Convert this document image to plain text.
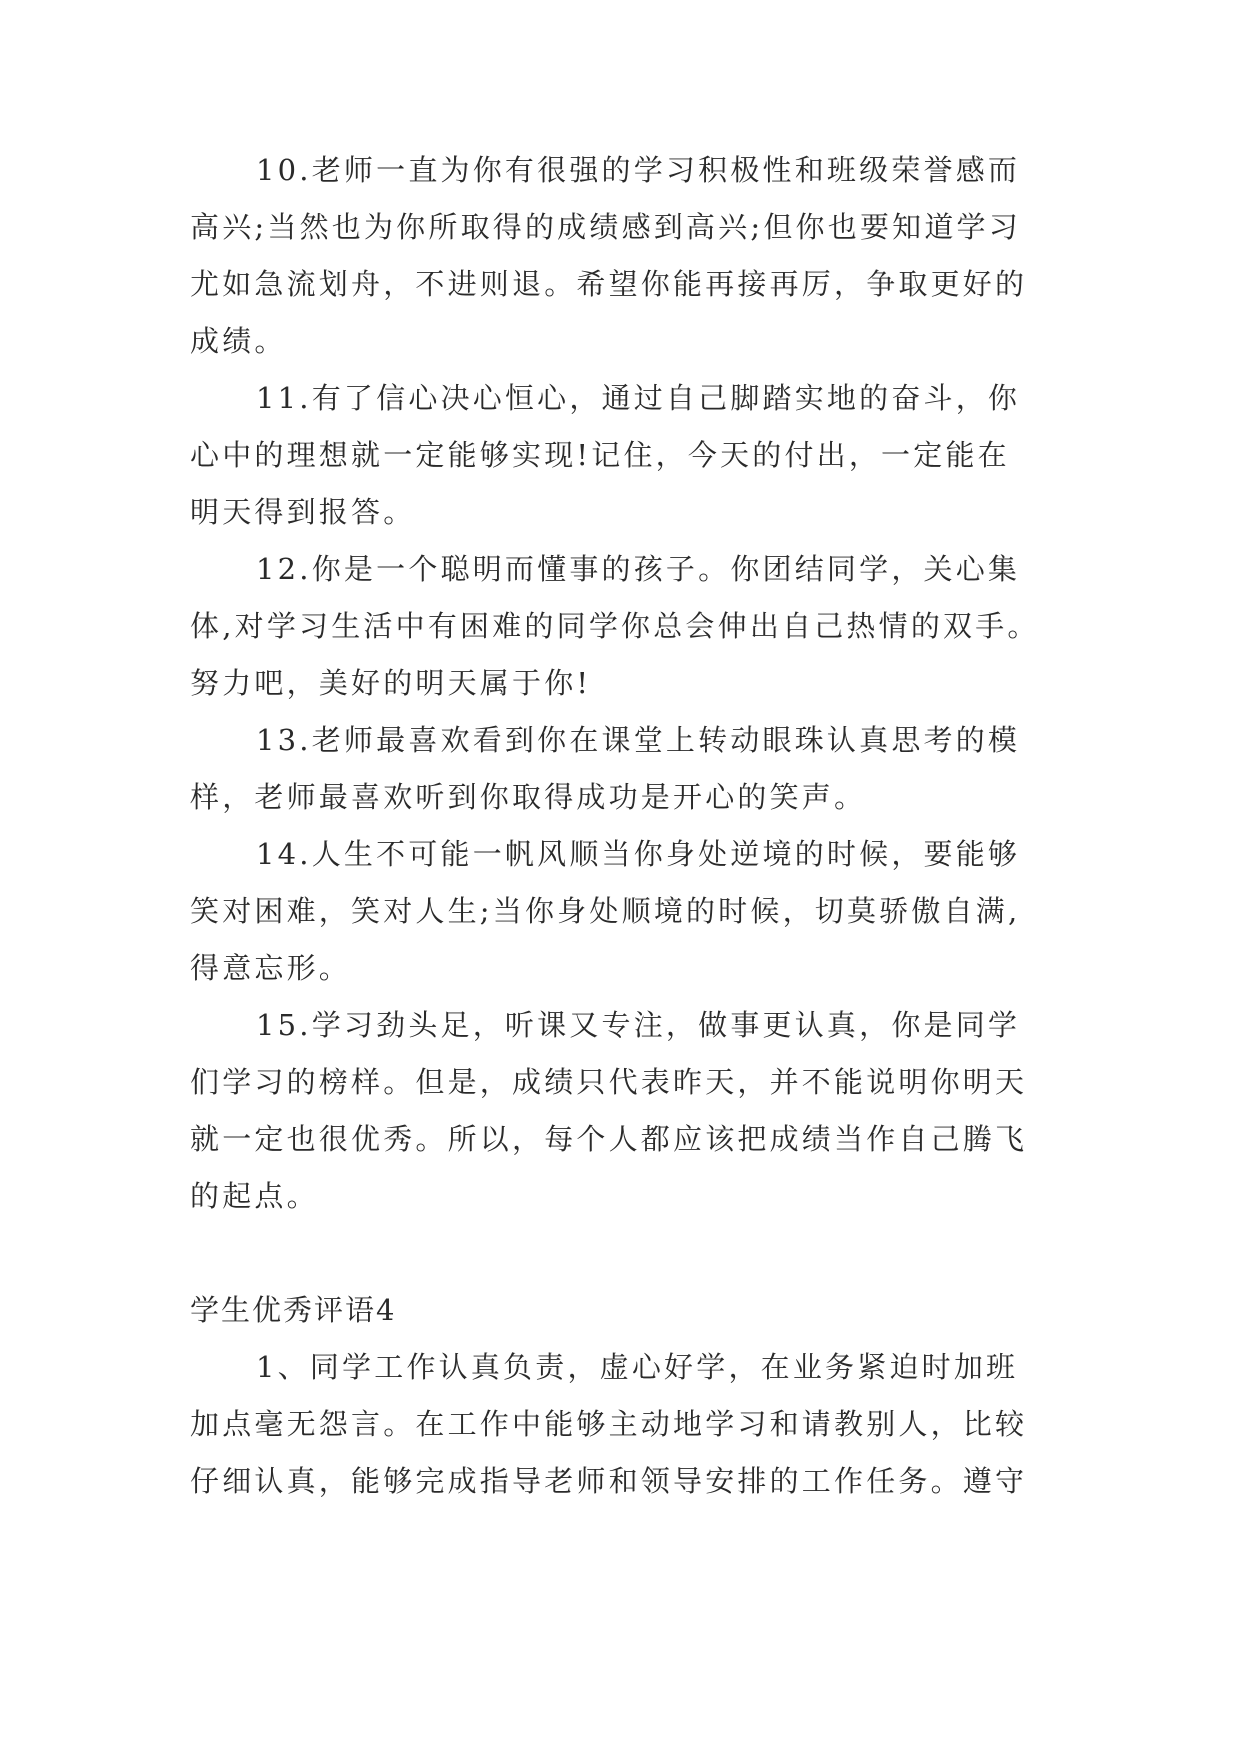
10.老师一直为你有很强的学习积极性和班级荣誉感而
高兴;当然也为你所取得的成绩感到高兴;但你也要知道学习
尤如急流划舟，不进则退。希望你能再接再厉，争取更好的
成绩。
11.有了信心决心恒心，通过自己脚踏实地的奋斗，你
心中的理想就一定能够实现!记住，今天的付出，一定能在
明天得到报答。
12.你是一个聪明而懂事的孩子。你团结同学，关心集
体,对学习生活中有困难的同学你总会伸出自己热情的双手。
努力吧，美好的明天属于你!
13.老师最喜欢看到你在课堂上转动眼珠认真思考的模
样，老师最喜欢听到你取得成功是开心的笑声。
14.人生不可能一帆风顺当你身处逆境的时候，要能够
笑对困难，笑对人生;当你身处顺境的时候，切莫骄傲自满,
得意忘形。
15.学习劲头足，听课又专注，做事更认真，你是同学
们学习的榜样。但是，成绩只代表昨天，并不能说明你明天
就一定也很优秀。所以，每个人都应该把成绩当作自己腾飞
的起点。
学生优秀评语4
1、同学工作认真负责，虚心好学，在业务紧迫时加班
加点毫无怨言。在工作中能够主动地学习和请教别人，比较
仔细认真，能够完成指导老师和领导安排的工作任务。遵守
